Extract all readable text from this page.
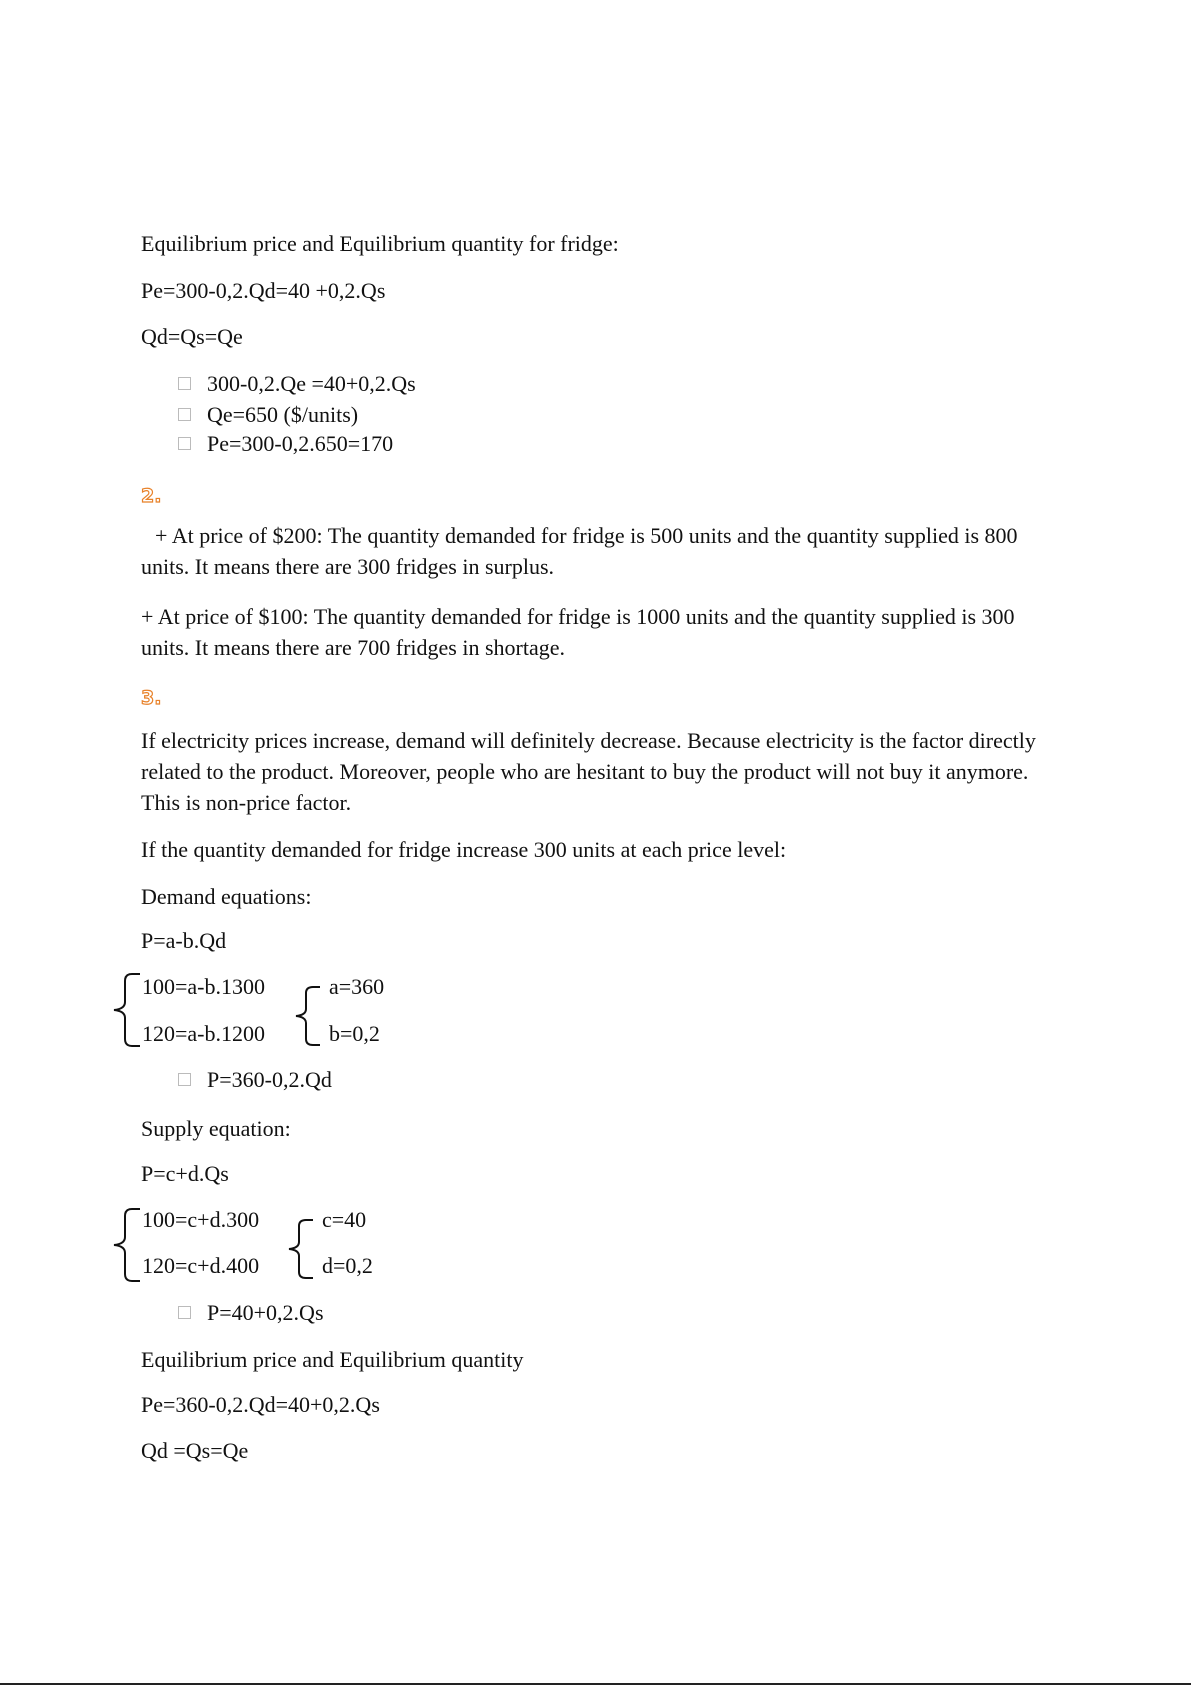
Equilibrium price and Equilibrium quantity for fridge:
Pe=300-0,2.Qd=40 +0,2.Qs
Qd=Qs=Qe
300-0,2.Qe =40+0,2.Qs
Qe=650 ($/units)
Pe=300-0,2.650=170
2.
+ At price of $200: The quantity demanded for fridge is 500 units and the quantity supplied is 800 units. It means there are 300 fridges in surplus.
+ At price of $100: The quantity demanded for fridge is 1000 units and the quantity supplied is 300 units. It means there are 700 fridges in shortage.
3.
If electricity prices increase, demand will definitely decrease. Because electricity is the factor directly related to the product. Moreover, people who are hesitant to buy the product will not buy it anymore. This is non-price factor.
If the quantity demanded for fridge increase 300 units at each price level:
Demand equations:
P=a-b.Qd
100=a-b.1300
120=a-b.1200
a=360
b=0,2
P=360-0,2.Qd
Supply equation:
P=c+d.Qs
100=c+d.300
120=c+d.400
c=40
d=0,2
P=40+0,2.Qs
Equilibrium price and Equilibrium quantity
Pe=360-0,2.Qd=40+0,2.Qs
Qd =Qs=Qe
